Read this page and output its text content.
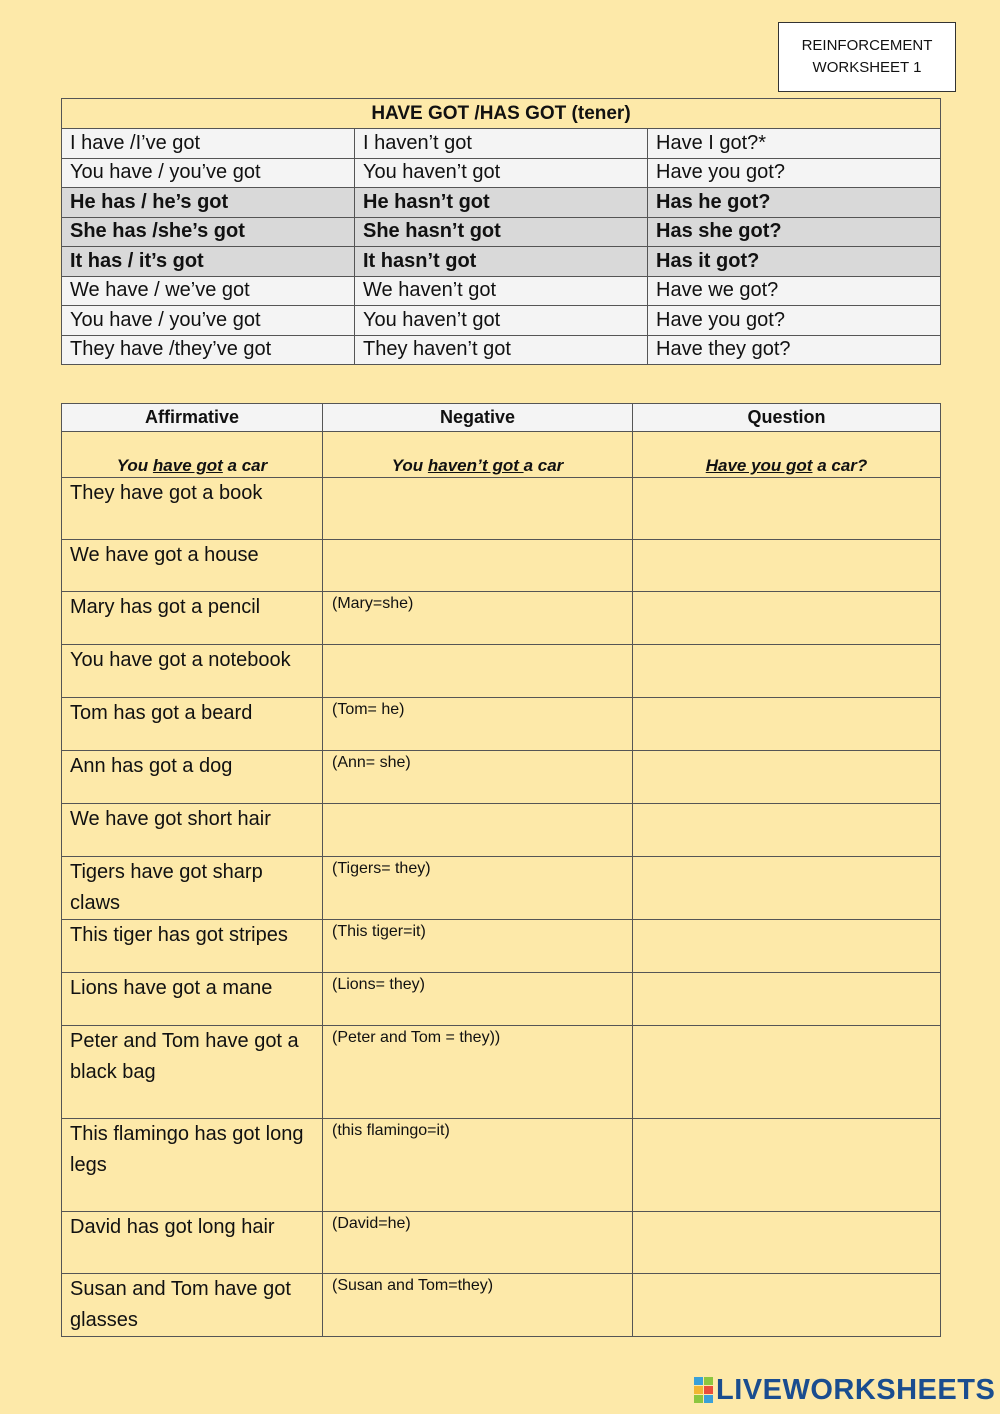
REINFORCEMENT
WORKSHEET 1
HAVE GOT /HAS GOT (tener)		
I have /I’ve got	I haven’t got	Have I got?*
You have / you’ve got	You haven’t got	Have you got?
He has / he’s got	He hasn’t got	Has he got?
She has /she’s got	She hasn’t got	Has she got?
It has / it’s got	It hasn’t got	Has it got?
We have / we’ve got	We haven’t got	Have we got?
You have / you’ve got	You haven’t got	Have you got?
They have /they’ve got	They haven’t got	Have they got?
Affirmative	Negative	Question
You have got a car	You haven’t got a car	Have you got a car?
They have got a book		
We have got a house		
Mary has got a pencil	(Mary=she)	
You have got a notebook		
Tom has got a beard	(Tom= he)	
Ann has got a dog	(Ann= she)	
We have got short hair		
Tigers have got sharp claws	(Tigers= they)	
This tiger has got stripes	(This tiger=it)	
Lions have got a mane	(Lions= they)	
Peter and Tom have got a black bag	(Peter and Tom = they))	
This flamingo has got long legs	(this flamingo=it)	
David has got long hair	(David=he)	
Susan and Tom have got glasses	(Susan and Tom=they)	
LIVEWORKSHEETS
